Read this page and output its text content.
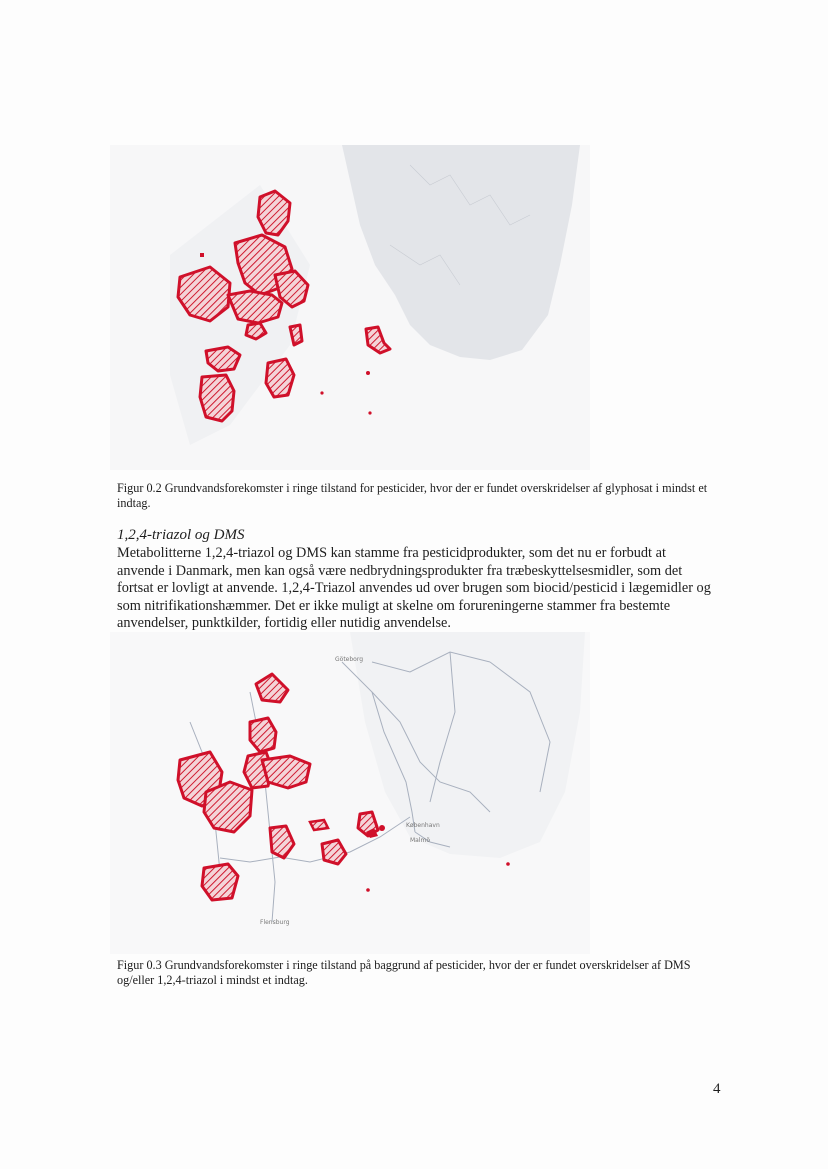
Figur 0.2 Grundvandsforekomster i ringe tilstand for pesticider, hvor der er fundet overskridelser af glyphosat i mindst et indtag.
1,2,4-triazol og DMS
Metabolitterne 1,2,4-triazol og DMS kan stamme fra pesticidprodukter, som det nu er forbudt at anvende i Danmark, men kan også være nedbrydningsprodukter fra træbeskyttelsesmidler, som det fortsat er lovligt at anvende. 1,2,4-Triazol anvendes ud over brugen som biocid/pesticid i lægemidler og som nitrifikationshæmmer. Det er ikke muligt at skelne om forureningerne stammer fra bestemte anvendelser, punktkilder, fortidig eller nutidig anvendelse.
Göteborg
København
Malmö
Flensburg
Figur 0.3 Grundvandsforekomster i ringe tilstand på baggrund af pesticider, hvor der er fundet overskridelser af DMS og/eller 1,2,4-triazol i mindst et indtag.
4
